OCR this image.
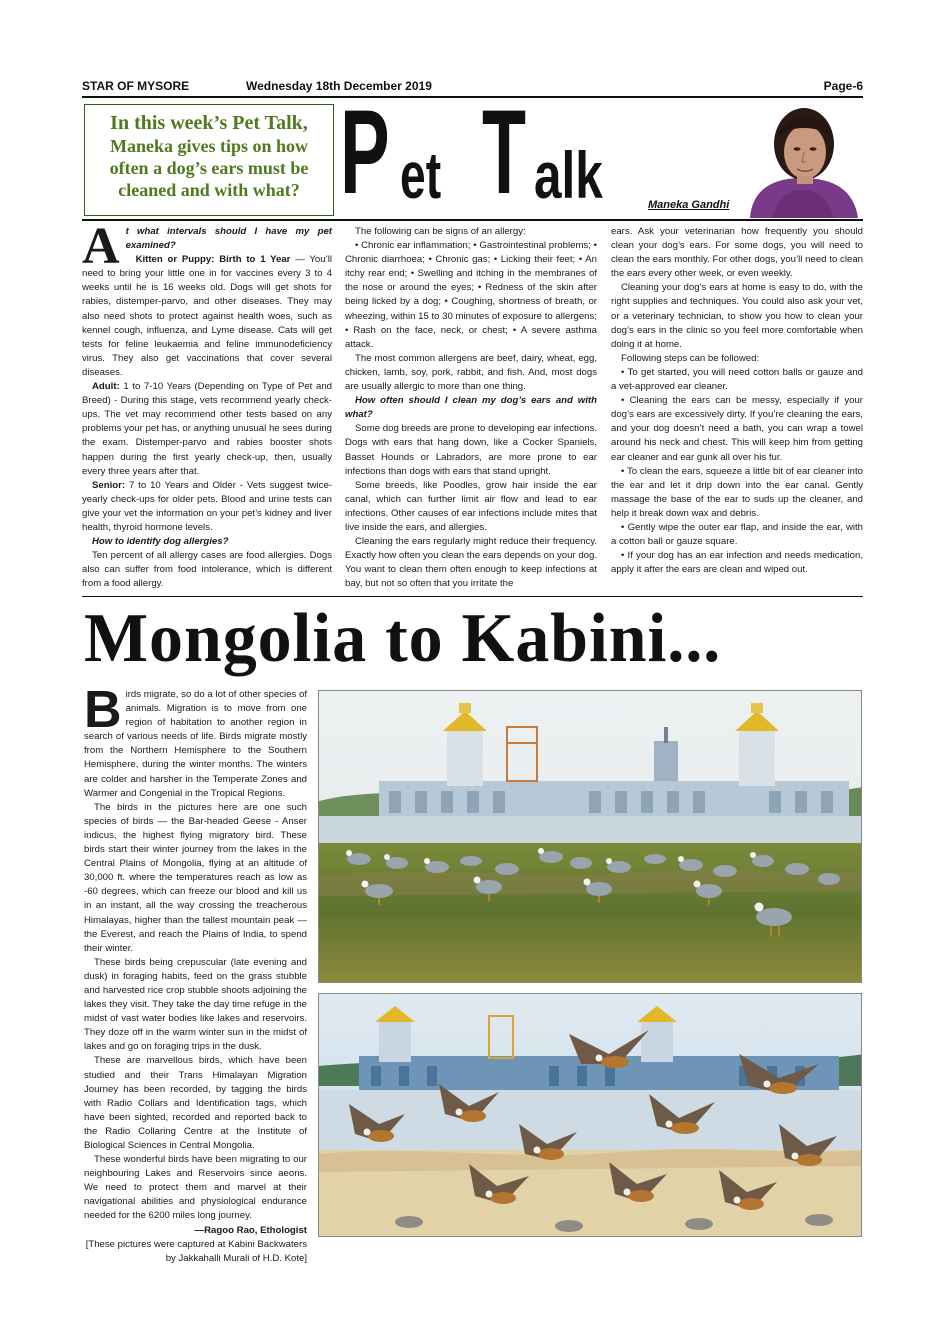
STAR OF MYSORE	Wednesday 18th December 2019	Page-6
In this week’s Pet Talk,
Maneka gives tips on how
often a dog’s ears must be
cleaned and with what? P et T alk	Maneka Gandhi

At what intervals should I have my pet examined?

Kitten or Puppy: Birth to 1 Year — You’ll need to bring your little one in for vaccines every 3 to 4 weeks until he is 16 weeks old. Dogs will get shots for rabies, distemper-parvo, and other diseases. They may also need shots to protect against health woes, such as kennel cough, influenza, and Lyme disease. Cats will get tests for feline leukaemia and feline immunodeficiency virus. They also get vaccinations that cover several diseases.

Adult: 1 to 7-10 Years (Depending on Type of Pet and Breed) - During this stage, vets recommend yearly check-ups. The vet may recommend other tests based on any problems your pet has, or anything unusual he sees during the exam. Distemper-parvo and rabies booster shots happen during the first yearly check-up, then, usually every three years after that.

Senior: 7 to 10 Years and Older - Vets suggest twice-yearly check-ups for older pets. Blood and urine tests can give your vet the information on your pet’s kidney and liver health, thyroid hormone levels.

How to identify dog allergies?

Ten percent of all allergy cases are food allergies. Dogs also can suffer from food intolerance, which is different from a food allergy.

The following can be signs of an allergy:

• Chronic ear inflammation; • Gastrointestinal problems; • Chronic diarrhoea; • Chronic gas; • Licking their feet; • An itchy rear end; • Swelling and itching in the membranes of the nose or around the eyes; • Redness of the skin after being licked by a dog; • Coughing, shortness of breath, or wheezing, within 15 to 30 minutes of exposure to allergens; • Rash on the face, neck, or chest; • A severe asthma attack.

The most common allergens are beef, dairy, wheat, egg, chicken, lamb, soy, pork, rabbit, and fish. And, most dogs are usually allergic to more than one thing.

How often should I clean my dog’s ears and with what?

Some dog breeds are prone to developing ear infections. Dogs with ears that hang down, like a Cocker Spaniels, Basset Hounds or Labradors, are more prone to ear infections than dogs with ears that stand upright.

Some breeds, like Poodles, grow hair inside the ear canal, which can further limit air flow and lead to ear infections. Other causes of ear infections include mites that live inside the ears, and allergies.

Cleaning the ears regularly might reduce their frequency. Exactly how often you clean the ears depends on your dog. You want to clean them often enough to keep infections at bay, but not so often that you irritate the

ears. Ask your veterinarian how frequently you should clean your dog’s ears. For some dogs, you will need to clean the ears monthly. For other dogs, you’ll need to clean the ears every other week, or even weekly.

Cleaning your dog’s ears at home is easy to do, with the right supplies and techniques. You could also ask your vet, or a veterinary technician, to show you how to clean your dog’s ears in the clinic so you feel more comfortable when doing it at home.

Following steps can be followed:

• To get started, you will need cotton balls or gauze and a vet-approved ear cleaner.

• Cleaning the ears can be messy, especially if your dog’s ears are excessively dirty. If you’re cleaning the ears, and your dog doesn’t need a bath, you can wrap a towel around his neck and chest. This will keep him from getting ear cleaner and ear gunk all over his fur.

• To clean the ears, squeeze a little bit of ear cleaner into the ear and let it drip down into the ear canal. Gently massage the base of the ear to suds up the cleaner, and help it break down wax and debris.

• Gently wipe the outer ear flap, and inside the ear, with a cotton ball or gauze square.

• If your dog has an ear infection and needs medication, apply it after the ears are clean and wiped out.

Mongolia to Kabini...

Birds migrate, so do a lot of other species of animals. Migration is to move from one region of habitation to another region in search of various needs of life. Birds migrate mostly from the Northern Hemisphere to the Southern Hemisphere, during the winter months. The winters are colder and harsher in the Temperate Zones and Warmer and Congenial in the Tropical Regions.

The birds in the pictures here are one such species of birds — the Bar-headed Geese - Anser indicus, the highest flying migratory bird. These birds start their winter journey from the lakes in the Central Plains of Mongolia, flying at an altitude of 30,000 ft. where the temperatures reach as low as -60 degrees, which can freeze our blood and kill us in an instant, all the way crossing the treacherous Himalayas, higher than the tallest mountain peak — the Everest, and reach the Plains of India, to spend their winter.

These birds being crepuscular (late evening and dusk) in foraging habits, feed on the grass stubble and harvested rice crop stubble shoots adjoining the lakes they visit. They take the day time refuge in the midst of vast water bodies like lakes and reservoirs. They doze off in the warm winter sun in the midst of lakes and go on foraging trips in the dusk.

These are marvellous birds, which have been studied and their Trans Himalayan Migration Journey has been recorded, by tagging the birds with Radio Collars and Identification tags, which have been sighted, recorded and reported back to the Radio Collaring Centre at the Institute of Biological Sciences in Central Mongolia.

These wonderful birds have been migrating to our neighbouring Lakes and Reservoirs since aeons. We need to protect them and marvel at their navigational abilities and physiological endurance needed for the 6200 miles long journey.

—Ragoo Rao, Ethologist

[These pictures were captured at Kabini Backwaters by Jakkahalli Murali of H.D. Kote]
